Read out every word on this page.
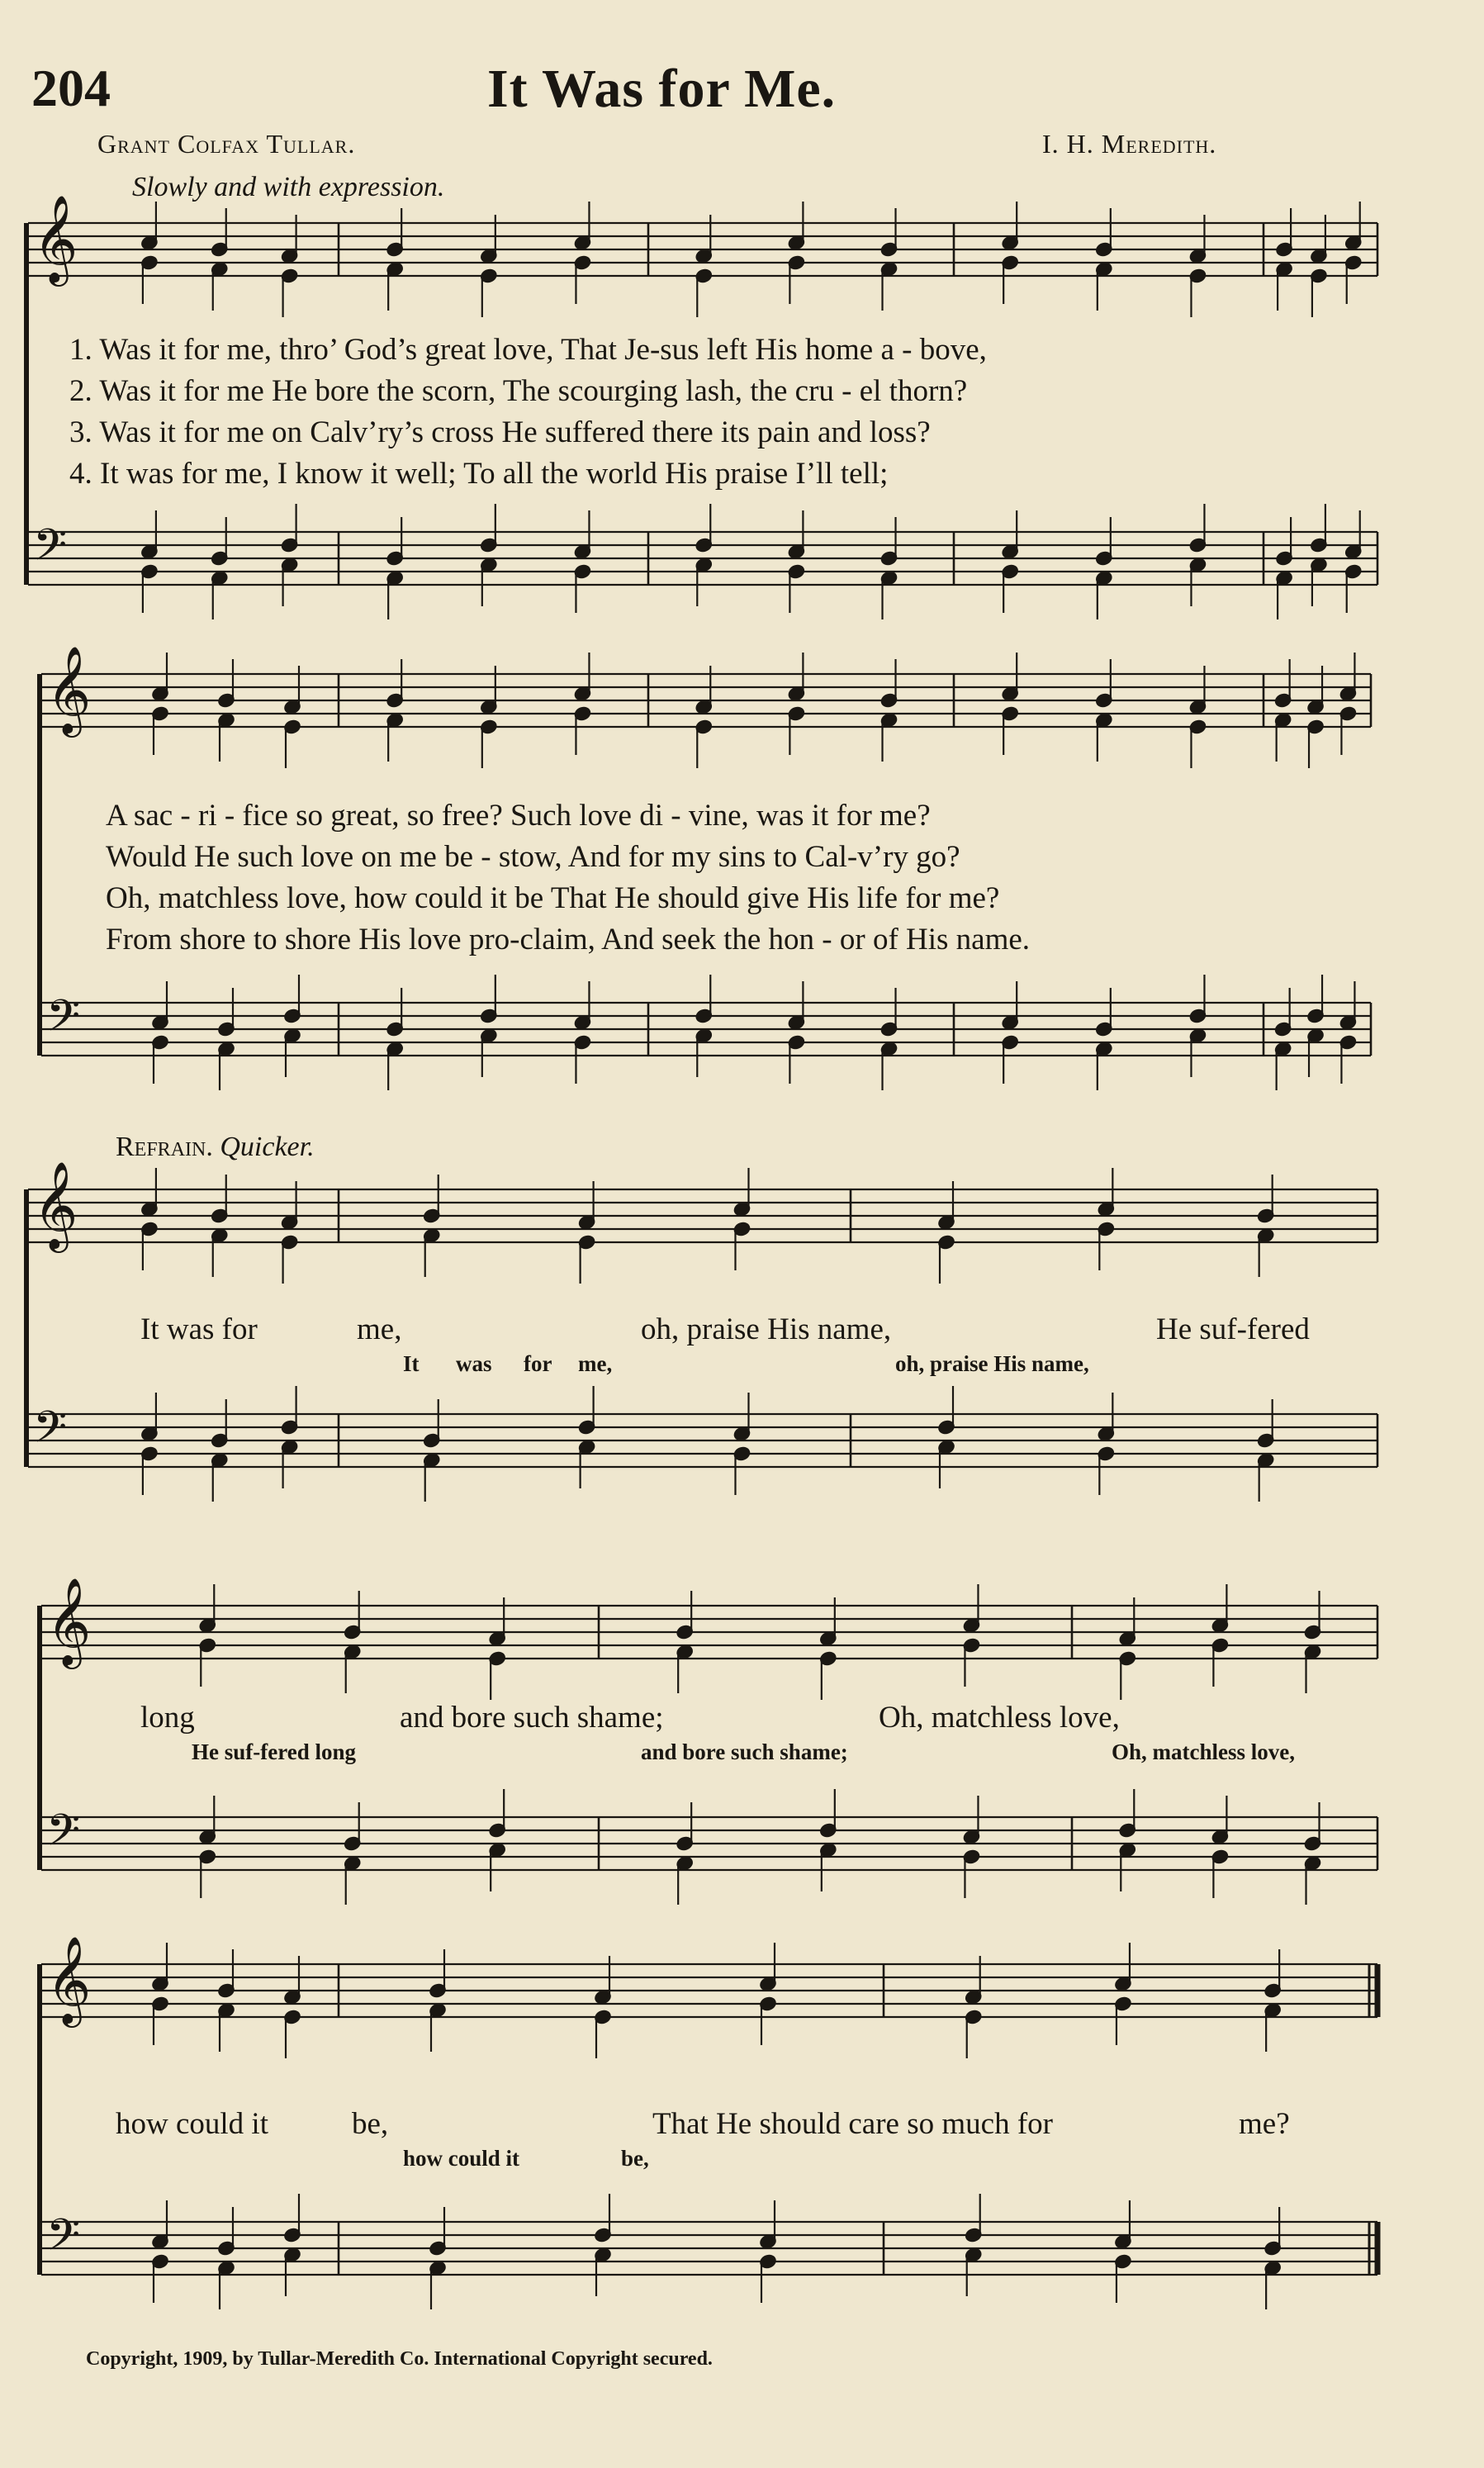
204	It Was for Me.
Grant Colfax Tullar.	I. H. Meredith.
Slowly and with expression.
𝄞
𝄢
𝄞
𝄢
𝄞
𝄢
𝄞
𝄢
𝄞
𝄢
1. Was it for me, thro’ God’s great love, That Je-sus left His home a - bove,
2. Was it for me He bore the scorn, The scourging lash, the cru - el thorn?
3. Was it for me on Calv’ry’s cross He suffered there its pain and loss?
4. It was for me, I know it well; To all the world His praise I’ll tell;
A sac - ri - fice so great, so free? Such love di - vine, was it for me?
Would He such love on me be - stow, And for my sins to Cal-v’ry go?
Oh, matchless love, how could it be That He should give His life for me?
From shore to shore His love pro-claim, And seek the hon - or of His name.
Refrain. Quicker.
It was for	me,	oh, praise His name,	He suf-fered
It was for me,	oh, praise His name,
long	and bore such shame;	Oh, matchless love,
He suf-fered long	and bore such shame;	Oh, matchless love,
how could it	be,	That He should care so much for	me?
how could it	be,
Copyright, 1909, by Tullar-Meredith Co. International Copyright secured.
